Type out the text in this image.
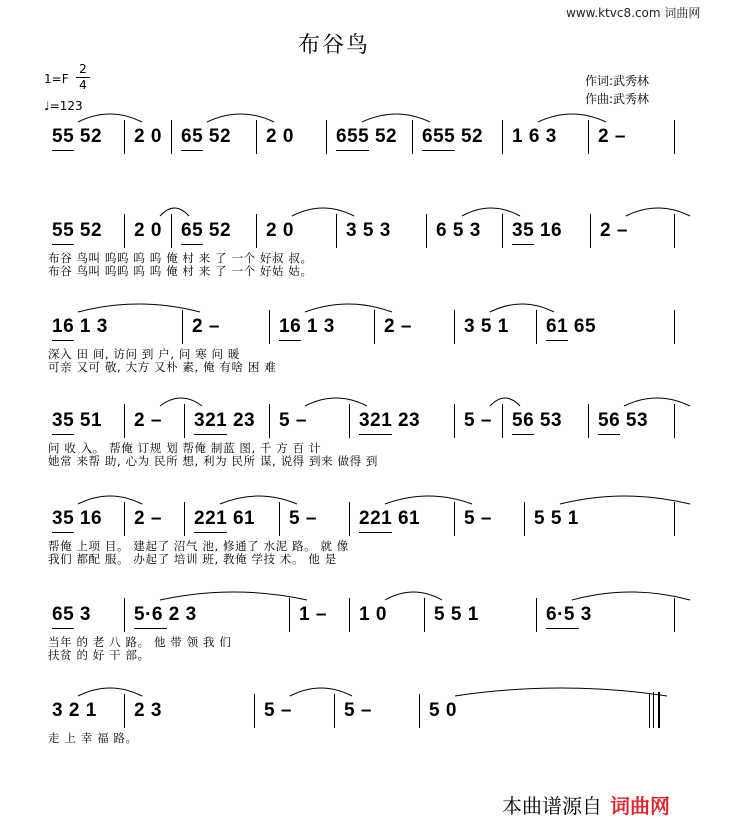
www.ktvc8.com 词曲网
布谷鸟
1=F
2
4
♩=123
作词:武秀林
作曲:武秀林
55 52 2 0 65 52 2 0 655 52 655 52 1 6 3 2 –
55 52 2 0 65 52 2 0	3 5 3 6 5 3 35 16 2 –
布谷 鸟叫 呜呜 呜 呜 俺 村 来 了 一个 好叔 叔。
布谷 鸟叫 呜呜 呜 呜 俺 村 来 了 一个 好姑 姑。
16 1 3	2 –	16 1 3	2 –	3 5 1 61 65
深入 田 间, 访问 到 户, 问 寒 问 暖
可亲 又可 敬, 大方 又朴 素, 俺 有啥 困 难
35 51 2 – 321 23 5 –	321 23 5 – 56 53 56 53
问 收 入。 帮俺 订规 划 帮俺 制蓝 图, 千 方 百 计
她常 来帮 助, 心为 民所 想, 利为 民所 谋, 说得 到来 做得 到
35 16 2 – 221 61 5 – 221 61 5 – 5 5 1
帮俺 上项 目。 建起了 沼气 池, 修通了 水泥 路。 就 像
我们 都配 服。 办起了 培训 班, 教俺 学技 术。 他 是
65 3 5·6 2 3	1 – 1 0 5 5 1	6·5 3
当年 的 老 八 路。 他 带 领 我 们
扶贫 的 好 干 部。
3 2 1 2 3	5 –	5 –	5 0
走 上 幸 福 路。
本曲谱源自 词曲网
